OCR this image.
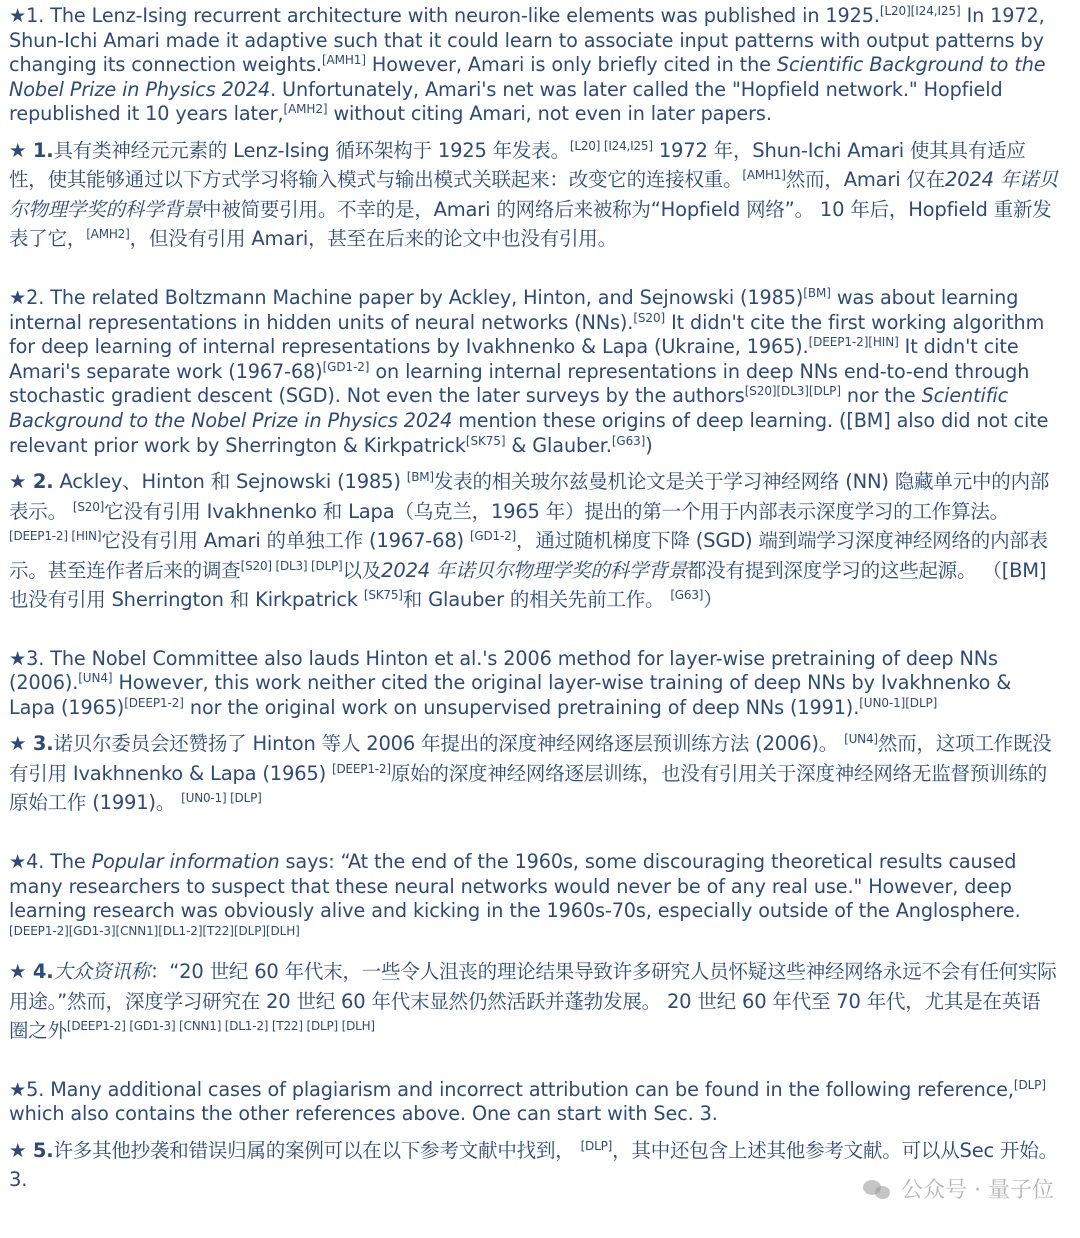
★1. The Lenz-Ising recurrent architecture with neuron-like elements was published in 1925.[L20][I24,I25] In 1972, Shun-Ichi Amari made it adaptive such that it could learn to associate input patterns with output patterns by changing its connection weights.[AMH1] However, Amari is only briefly cited in the Scientific Background to the Nobel Prize in Physics 2024. Unfortunately, Amari's net was later called the "Hopfield network." Hopfield republished it 10 years later,[AMH2] without citing Amari, not even in later papers.

★ 1.具有类神经元元素的 Lenz-Ising 循环架构于 1925 年发表。[L20] [I24,I25] 1972 年，Shun-Ichi Amari 使其具有适应性，使其能够通过以下方式学习将输入模式与输出模式关联起来：改变它的连接权重。[AMH1]然而，Amari 仅在2024 年诺贝尔物理学奖的科学背景中被简要引用。不幸的是，Amari 的网络后来被称为“Hopfield 网络”。 10 年后，Hopfield 重新发表了它，[AMH2]，但没有引用 Amari，甚至在后来的论文中也没有引用。

★2. The related Boltzmann Machine paper by Ackley, Hinton, and Sejnowski (1985)[BM] was about learning internal representations in hidden units of neural networks (NNs).[S20] It didn't cite the first working algorithm for deep learning of internal representations by Ivakhnenko & Lapa (Ukraine, 1965).[DEEP1-2][HIN] It didn't cite Amari's separate work (1967-68)[GD1-2] on learning internal representations in deep NNs end-to-end through stochastic gradient descent (SGD). Not even the later surveys by the authors[S20][DL3][DLP] nor the Scientific Background to the Nobel Prize in Physics 2024 mention these origins of deep learning. ([BM] also did not cite relevant prior work by Sherrington & Kirkpatrick[SK75] & Glauber.[G63])

★ 2. Ackley、Hinton 和 Sejnowski (1985) [BM]发表的相关玻尔兹曼机论文是关于学习神经网络 (NN) 隐藏单元中的内部表示。 [S20]它没有引用 Ivakhnenko 和 Lapa（乌克兰，1965 年）提出的第一个用于内部表示深度学习的工作算法。 [DEEP1-2] [HIN]它没有引用 Amari 的单独工作 (1967-68) [GD1-2]，通过随机梯度下降 (SGD) 端到端学习深度神经网络的内部表示。甚至连作者后来的调查[S20] [DL3] [DLP]以及2024 年诺贝尔物理学奖的科学背景都没有提到深度学习的这些起源。 （[BM]也没有引用 Sherrington 和 Kirkpatrick [SK75]和 Glauber 的相关先前工作。 [G63]）

★3. The Nobel Committee also lauds Hinton et al.'s 2006 method for layer-wise pretraining of deep NNs (2006).[UN4] However, this work neither cited the original layer-wise training of deep NNs by Ivakhnenko & Lapa (1965)[DEEP1-2] nor the original work on unsupervised pretraining of deep NNs (1991).[UN0-1][DLP]

★ 3.诺贝尔委员会还赞扬了 Hinton 等人 2006 年提出的深度神经网络逐层预训练方法 (2006)。 [UN4]然而，这项工作既没有引用 Ivakhnenko & Lapa (1965) [DEEP1-2]原始的深度神经网络逐层训练，也没有引用关于深度神经网络无监督预训练的原始工作 (1991)。 [UN0-1] [DLP]

★4. The Popular information says: “At the end of the 1960s, some discouraging theoretical results caused many researchers to suspect that these neural networks would never be of any real use." However, deep learning research was obviously alive and kicking in the 1960s-70s, especially outside of the Anglosphere.[DEEP1-2][GD1-3][CNN1][DL1-2][T22][DLP][DLH]

★ 4.大众资讯称：“20 世纪 60 年代末，一些令人沮丧的理论结果导致许多研究人员怀疑这些神经网络永远不会有任何实际用途。”然而，深度学习研究在 20 世纪 60 年代末显然仍然活跃并蓬勃发展。 20 世纪 60 年代至 70 年代，尤其是在英语圈之外[DEEP1-2] [GD1-3] [CNN1] [DL1-2] [T22] [DLP] [DLH]

★5. Many additional cases of plagiarism and incorrect attribution can be found in the following reference,[DLP] which also contains the other references above. One can start with Sec. 3.

★ 5.许多其他抄袭和错误归属的案例可以在以下参考文献中找到， [DLP]，其中还包含上述其他参考文献。可以从Sec 开始。 3.	公众号 · 量子位
